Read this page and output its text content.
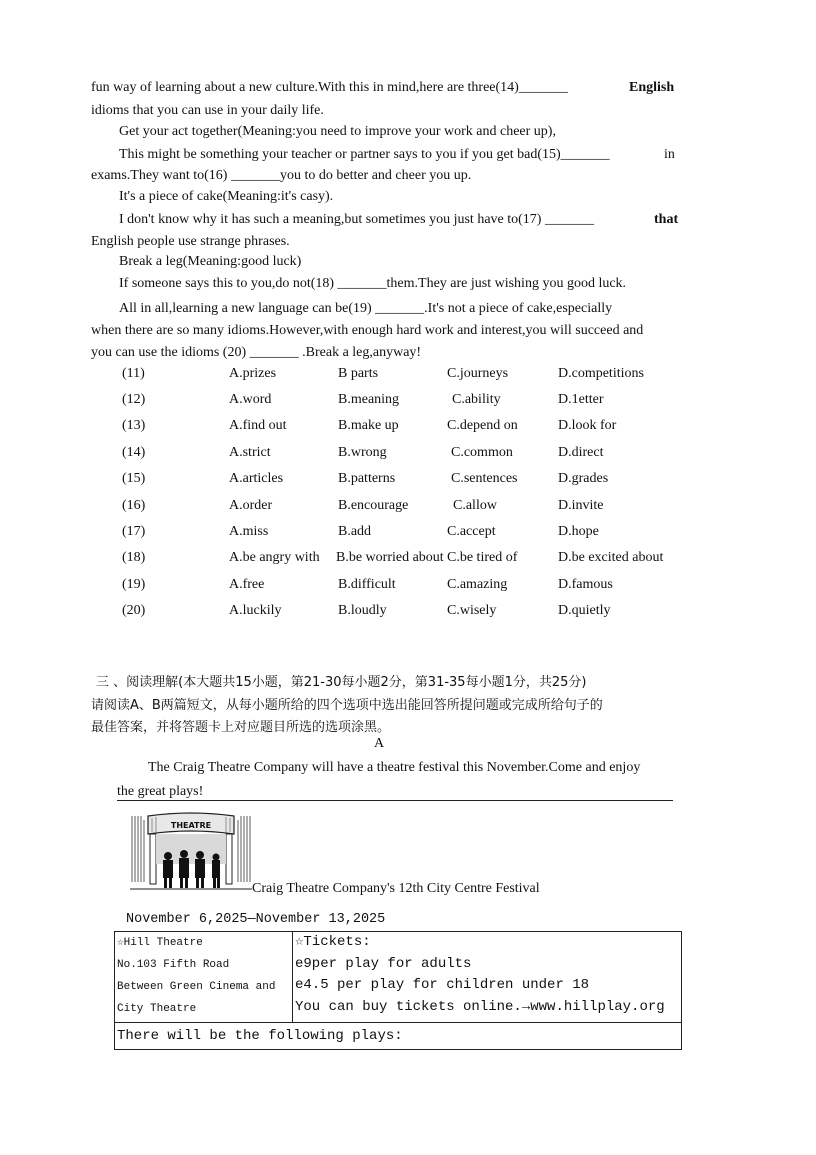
fun way of learning about a new culture.With this in mind,here are three(14)_______	English
idioms that you can use in your daily life.
Get your act together(Meaning:you need to improve your work and cheer up),
This might be something your teacher or partner says to you if you get bad(15)_______	in
exams.They want to(16) _______you to do better and cheer you up.
It's a piece of cake(Meaning:it's casy).
I don't know why it has such a meaning,but sometimes you just have to(17) _______	that
English people use strange phrases.
Break a leg(Meaning:good luck)
If someone says this to you,do not(18) _______them.They are just wishing you good luck.
All in all,learning a new language can be(19) _______.It's not a piece of cake,especially
when there are so many idioms.However,with enough hard work and interest,you will succeed and
you can use the idioms (20) _______ .Break a leg,anyway!
(11)	A.prizes	B parts	C.journeys	D.competitions
(12)	A.word	B.meaning	C.ability	D.1etter
(13)	A.find out	B.make up	C.depend on	D.look for
(14)	A.strict	B.wrong	C.common	D.direct
(15)	A.articles	B.patterns	C.sentences	D.grades
(16)	A.order	B.encourage	C.allow	D.invite
(17)	A.miss	B.add	C.accept	D.hope
(18)	A.be angry with B.be worried about C.be tired of	D.be excited about
(19)	A.free	B.difficult	C.amazing	D.famous
(20)	A.luckily	B.loudly	C.wisely	D.quietly
三 、阅读理解(本大题共15小题，第21-30每小题2分，第31-35每小题1分，共25分)
请阅读A、B两篇短文，从每小题所给的四个选项中选出能回答所提问题或完成所给句子的
最佳答案，并将答题卡上对应题目所选的选项涂黑。
A
The Craig Theatre Company will have a theatre festival this November.Come and enjoy
the great plays!
THEATRE
Craig Theatre Company's 12th City Centre Festival
November 6,2025—November 13,2025
☆Hill Theatre
No.103 Fifth Road
Between Green Cinema and
City Theatre

☆Tickets:
e9per play for adults
e4.5 per play for children under 18
You can buy tickets online.→www.hillplay.org

There will be the following plays:
